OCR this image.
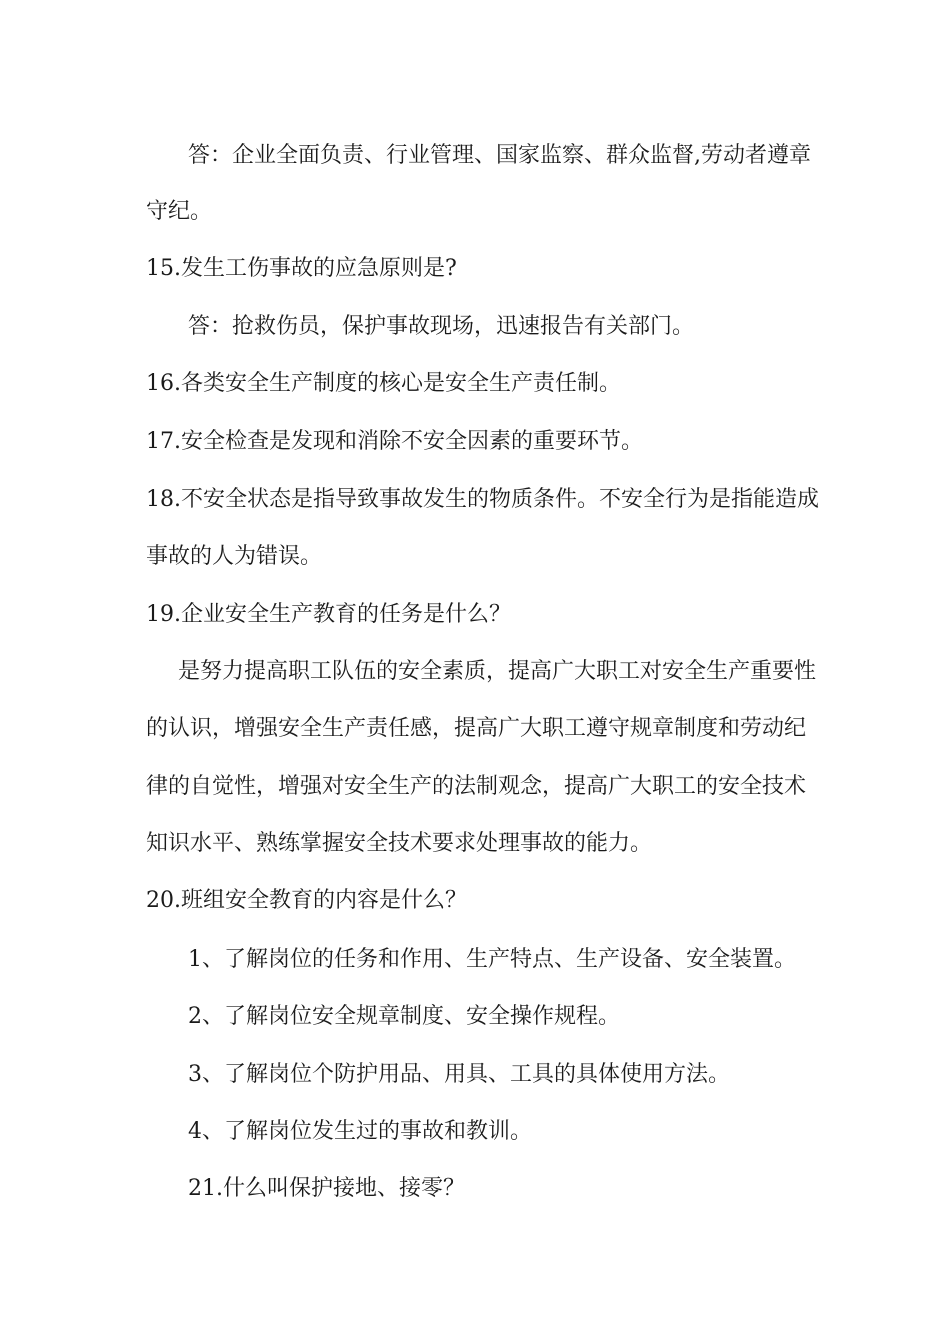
答：企业全面负责、行业管理、国家监察、群众监督,劳动者遵章
守纪。
15.发生工伤事故的应急原则是?
答：抢救伤员，保护事故现场，迅速报告有关部门。
16.各类安全生产制度的核心是安全生产责任制。
17.安全检查是发现和消除不安全因素的重要环节。
18.不安全状态是指导致事故发生的物质条件。不安全行为是指能造成
事故的人为错误。
19.企业安全生产教育的任务是什么？
是努力提高职工队伍的安全素质，提高广大职工对安全生产重要性
的认识，增强安全生产责任感，提高广大职工遵守规章制度和劳动纪
律的自觉性，增强对安全生产的法制观念，提高广大职工的安全技术
知识水平、熟练掌握安全技术要求处理事故的能力。
20.班组安全教育的内容是什么？
1、了解岗位的任务和作用、生产特点、生产设备、安全装置。
2、了解岗位安全规章制度、安全操作规程。
3、了解岗位个防护用品、用具、工具的具体使用方法。
4、了解岗位发生过的事故和教训。
21.什么叫保护接地、接零？
